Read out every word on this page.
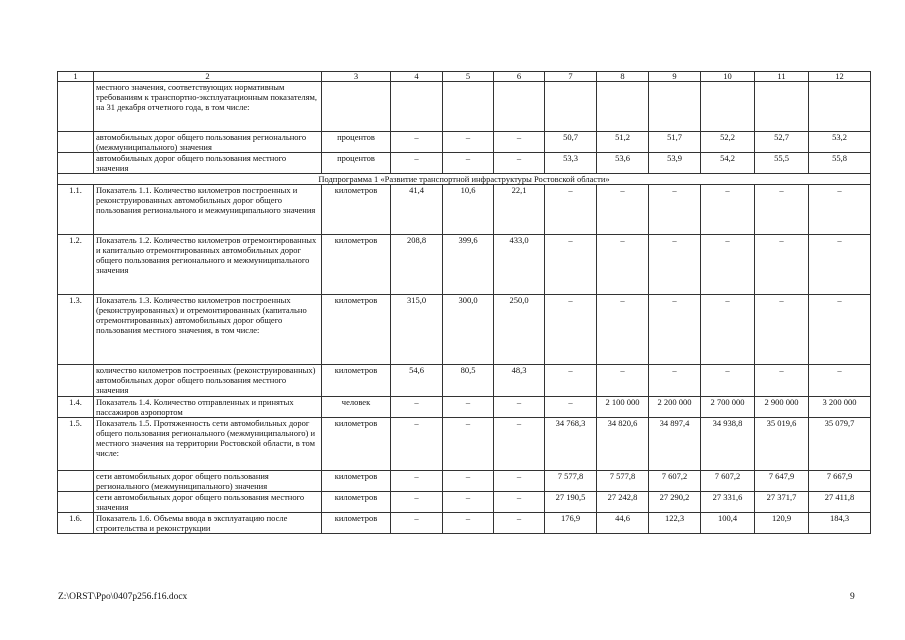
1	2	3	4	5	6	7	8	9	10	11	12
	местного значения, соответствующих нормативным требованиям к транспортно-эксплуатационным показателям, на 31 декабря отчетного года, в том числе:										
	автомобильных дорог общего пользования регионального (межмуниципального) значения	процентов	–	–	–	50,7	51,2	51,7	52,2	52,7	53,2
	автомобильных дорог общего пользования местного значения	процентов	–	–	–	53,3	53,6	53,9	54,2	55,5	55,8
Подпрограмма 1 «Развитие транспортной инфраструктуры Ростовской области»											
1.1.	Показатель 1.1. Количество километров построенных и реконструированных автомобильных дорог общего пользования регионального и межмуниципального значения	километров	41,4	10,6	22,1	–	–	–	–	–	–
1.2.	Показатель 1.2. Количество километров отремонтированных и капитально отремонтированных автомобильных дорог общего пользования регионального и межмуниципального значения	километров	208,8	399,6	433,0	–	–	–	–	–	–
1.3.	Показатель 1.3. Количество километров построенных (реконструированных) и отремонтированных (капитально отремонтированных) автомобильных дорог общего пользования местного значения, в том числе:	километров	315,0	300,0	250,0	–	–	–	–	–	–
	количество километров построенных (реконструированных) автомобильных дорог общего пользования местного значения	километров	54,6	80,5	48,3	–	–	–	–	–	–
1.4.	Показатель 1.4. Количество отправленных и принятых пассажиров аэропортом	человек	–	–	–	–	2 100 000	2 200 000	2 700 000	2 900 000	3 200 000
1.5.	Показатель 1.5. Протяженность сети автомобильных дорог общего пользования регионального (межмуниципального) и местного значения на территории Ростовской области, в том числе:	километров	–	–	–	34 768,3	34 820,6	34 897,4	34 938,8	35 019,6	35 079,7
	сети автомобильных дорог общего пользования регионального (межмуниципального) значения	километров	–	–	–	7 577,8	7 577,8	7 607,2	7 607,2	7 647,9	7 667,9
	сети автомобильных дорог общего пользования местного значения	километров	–	–	–	27 190,5	27 242,8	27 290,2	27 331,6	27 371,7	27 411,8
1.6.	Показатель 1.6. Объемы ввода в эксплуатацию после строительства и реконструкции	километров	–	–	–	176,9	44,6	122,3	100,4	120,9	184,3
Z:\ORST\Ppo\0407p256.f16.docx	9
